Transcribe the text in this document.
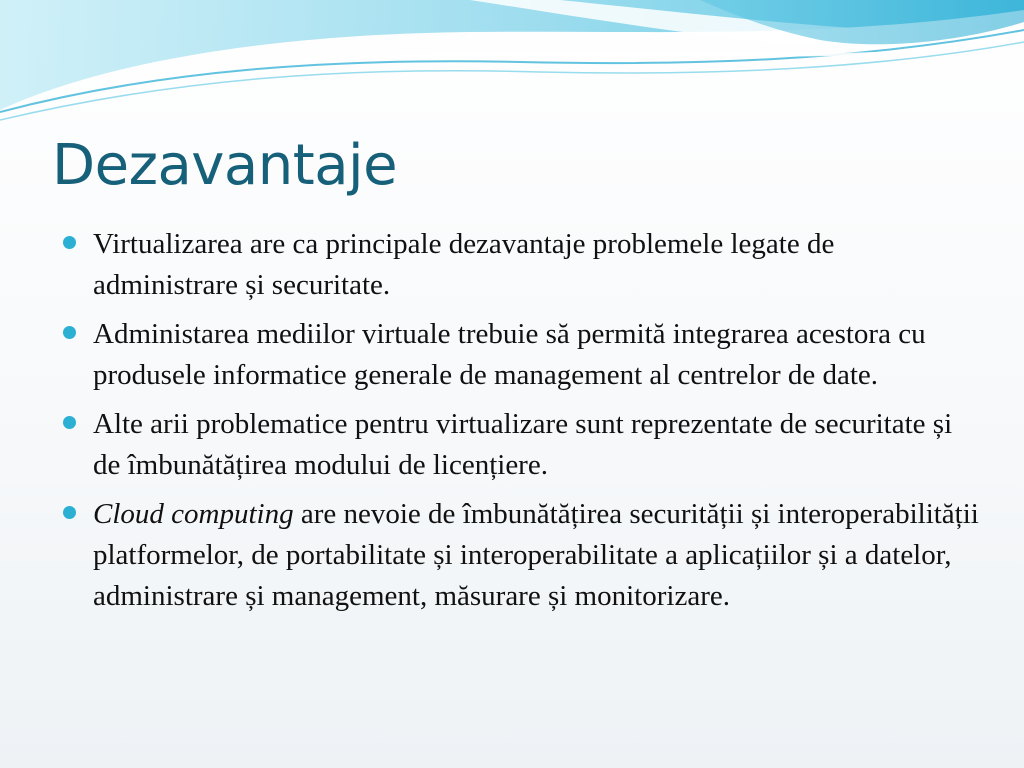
Dezavantaje
Virtualizarea are ca principale dezavantaje problemele legate de administrare și securitate.
Administarea mediilor virtuale trebuie să permită integrarea acestora cu produsele informatice generale de management al centrelor de date.
Alte arii problematice pentru virtualizare sunt reprezentate de securitate și de îmbunătățirea modului de licențiere.
Cloud computing are nevoie de îmbunătățirea securității și interoperabilității platformelor, de portabilitate și interoperabilitate a aplicațiilor și a datelor, administrare și management, măsurare și monitorizare.
